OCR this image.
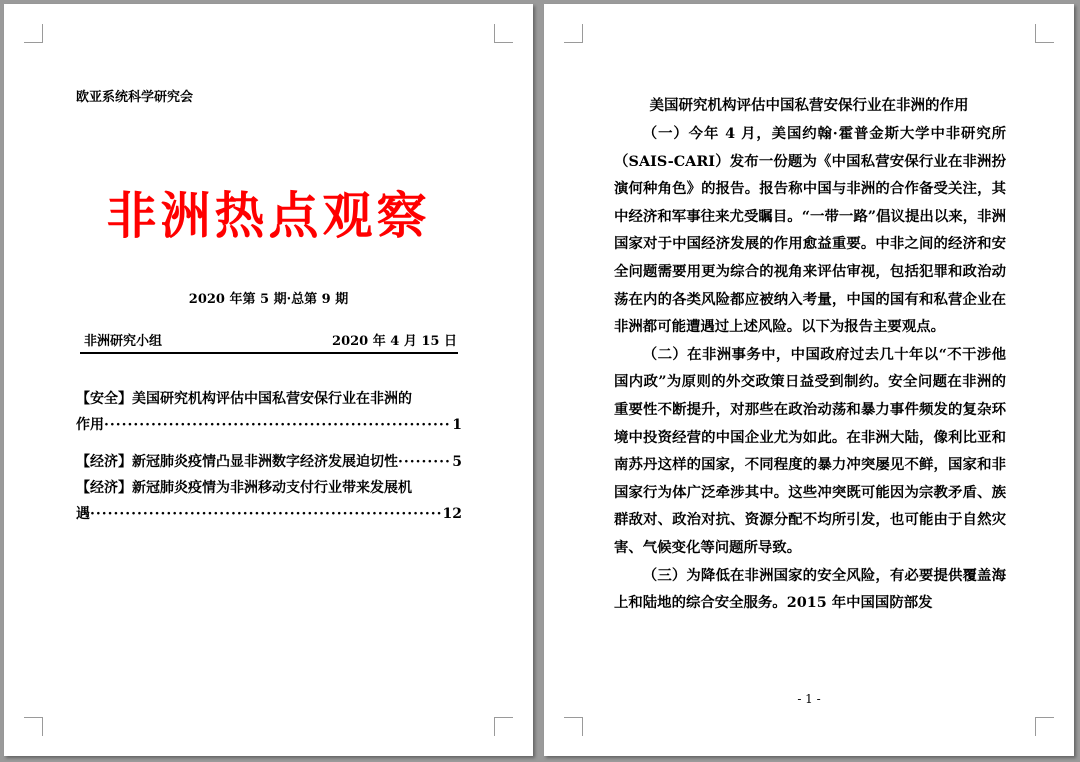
欧亚系统科学研究会
非洲热点观察
2020 年第 5 期·总第 9 期
非洲研究小组	2020 年 4 月 15 日
【安全】美国研究机构评估中国私营安保行业在非洲的
作用 ·····	1
【经济】新冠肺炎疫情凸显非洲数字经济发展迫切性 ·····	5
【经济】新冠肺炎疫情为非洲移动支付行业带来发展机
遇 ·····	12
美国研究机构评估中国私营安保行业在非洲的作用

（一）今年 4 月，美国约翰·霍普金斯大学中非研究所（SAIS-CARI）发布一份题为《中国私营安保行业在非洲扮演何种角色》的报告。报告称中国与非洲的合作备受关注，其中经济和军事往来尤受瞩目。“一带一路”倡议提出以来，非洲国家对于中国经济发展的作用愈益重要。中非之间的经济和安全问题需要用更为综合的视角来评估审视，包括犯罪和政治动荡在内的各类风险都应被纳入考量，中国的国有和私营企业在非洲都可能遭遇过上述风险。以下为报告主要观点。

（二）在非洲事务中，中国政府过去几十年以“不干涉他国内政”为原则的外交政策日益受到制约。安全问题在非洲的重要性不断提升，对那些在政治动荡和暴力事件频发的复杂环境中投资经营的中国企业尤为如此。在非洲大陆，像利比亚和南苏丹这样的国家，不同程度的暴力冲突屡见不鲜，国家和非国家行为体广泛牵涉其中。这些冲突既可能因为宗教矛盾、族群敌对、政治对抗、资源分配不均所引发，也可能由于自然灾害、气候变化等问题所导致。

（三）为降低在非洲国家的安全风险，有必要提供覆盖海上和陆地的综合安全服务。2015 年中国国防部发

- 1 -
